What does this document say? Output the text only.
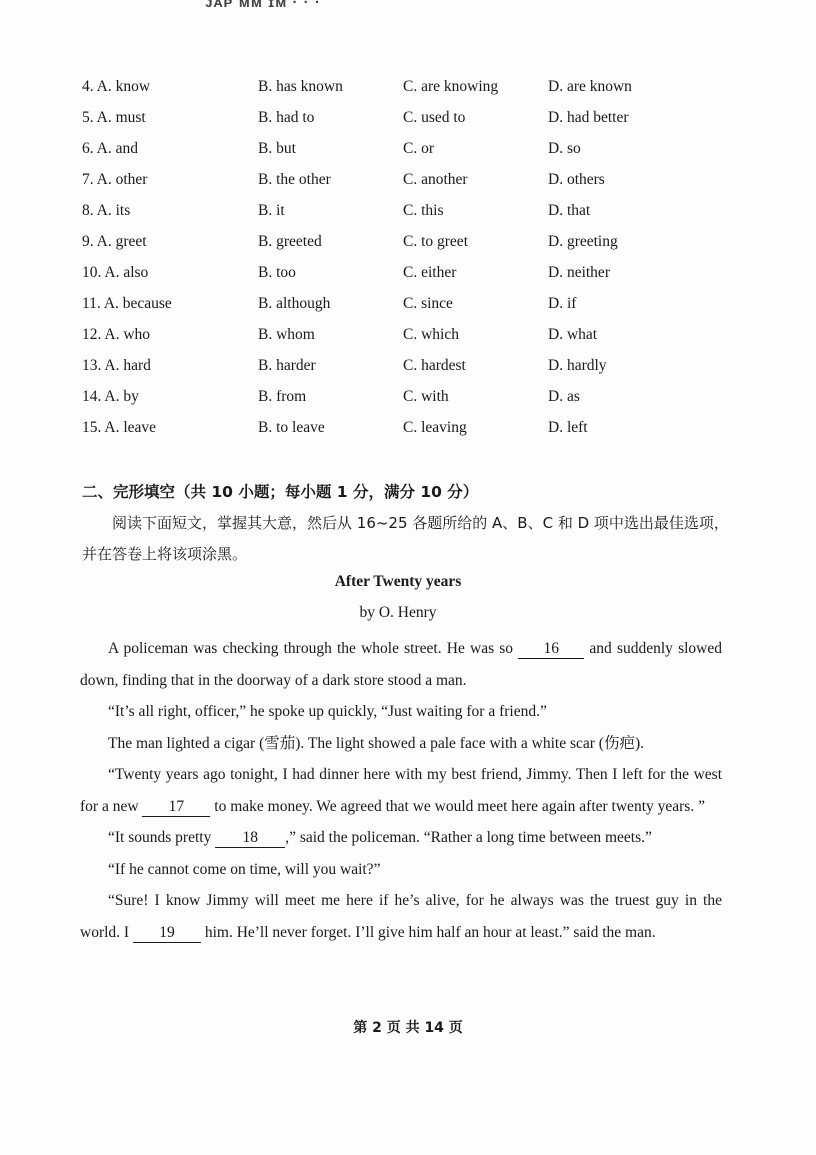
ᴊᴀᴘ ᴍᴍ ɪᴍ · · ·
4. A. know	B. has known	C. are knowing	D. are known
5. A. must	B. had to	C. used to	D. had better
6. A. and	B. but	C. or	D. so
7. A. other	B. the other	C. another	D. others
8. A. its	B. it	C. this	D. that
9. A. greet	B. greeted	C. to greet	D. greeting
10. A. also	B. too	C. either	D. neither
11. A. because	B. although	C. since	D. if
12. A. who	B. whom	C. which	D. what
13. A. hard	B. harder	C. hardest	D. hardly
14. A. by	B. from	C. with	D. as
15. A. leave	B. to leave	C. leaving	D. left
二、完形填空（共 10 小题；每小题 1 分，满分 10 分）
阅读下面短文，掌握其大意，然后从 16~25 各题所给的 A、B、C 和 D 项中选出最佳选项，并在答卷上将该项涂黑。
After Twenty years
by O. Henry

A policeman was checking through the whole street. He was so 16 and suddenly slowed down, finding that in the doorway of a dark store stood a man.

“It’s all right, officer,” he spoke up quickly, “Just waiting for a friend.”

The man lighted a cigar (雪茄). The light showed a pale face with a white scar (伤疤).

“Twenty years ago tonight, I had dinner here with my best friend, Jimmy. Then I left for the west for a new 17 to make money. We agreed that we would meet here again after twenty years. ”

“It sounds pretty 18 ,” said the policeman. “Rather a long time between meets.”

“If he cannot come on time, will you wait?”

“Sure! I know Jimmy will meet me here if he’s alive, for he always was the truest guy in the world. I 19 him. He’ll never forget. I’ll give him half an hour at least.” said the man.

第 2 页 共 14 页
